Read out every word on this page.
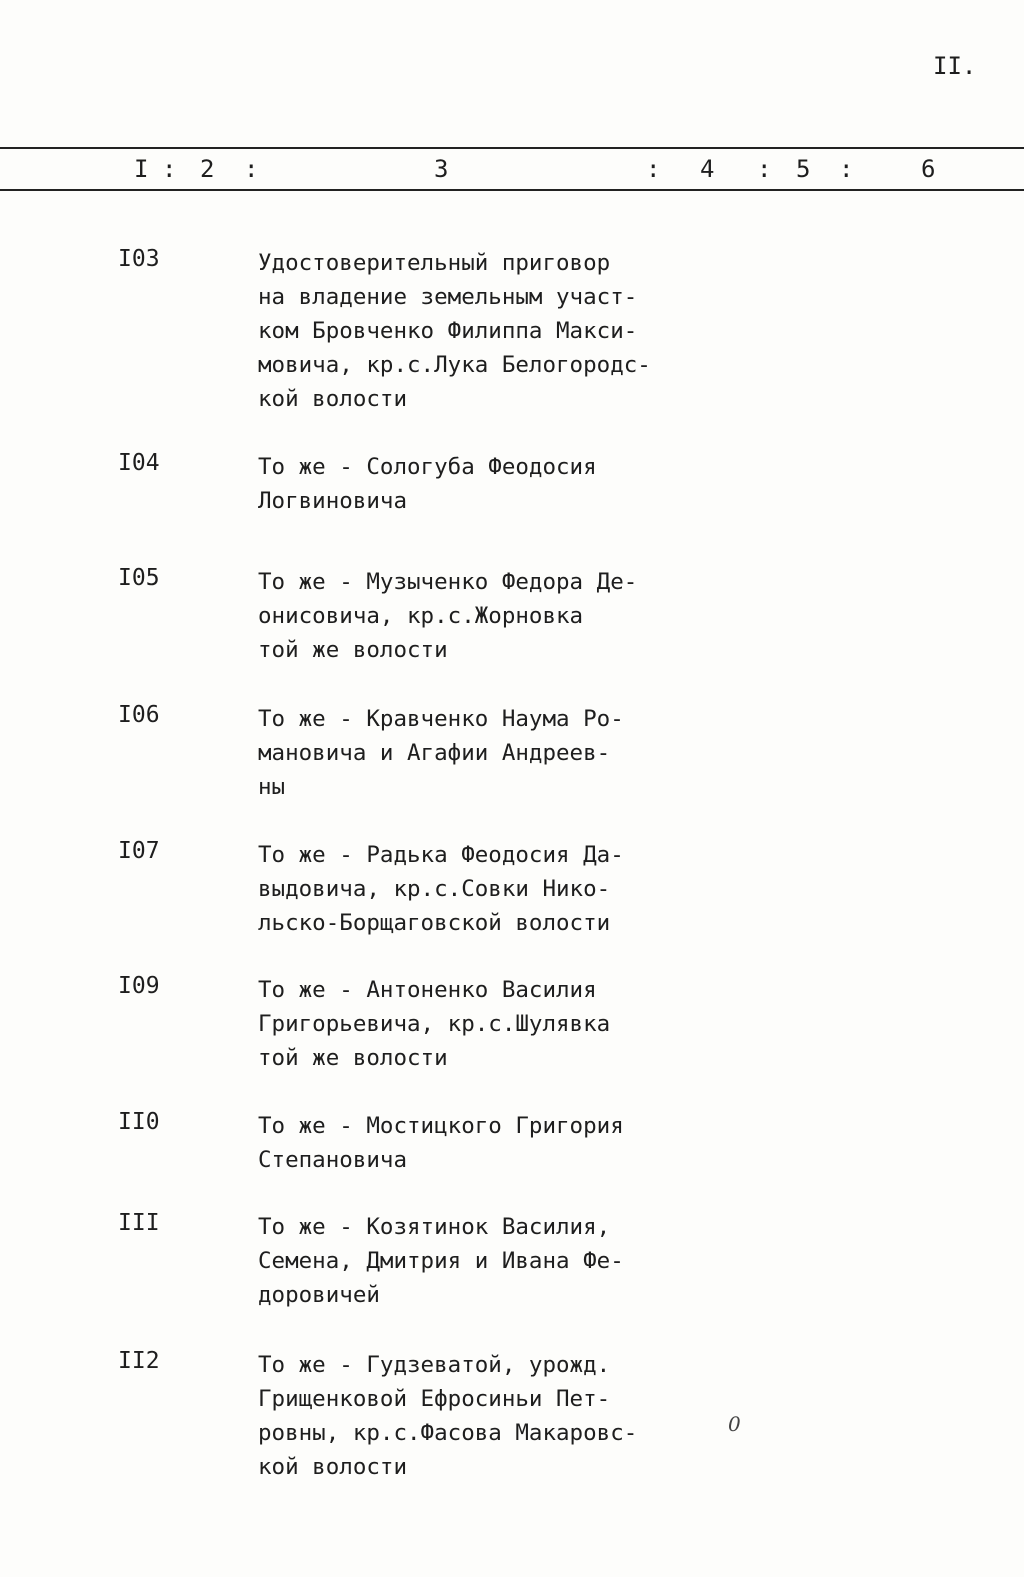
II.
I : 2 :	3	: 4 : 5 :	6
I03	Удостоверительный приговор
на владение земельным участ-
ком Бровченко Филиппа Макси-
мовича, кр.с.Лука Белогородс-
кой волости
I04	То же - Сологуба Феодосия
Логвиновича
I05	То же - Музыченко Федора Де-
онисовича, кр.с.Жорновка
той же волости
I06	То же - Кравченко Наума Ро-
мановича и Агафии Андреев-
ны
I07	То же - Радька Феодосия Да-
выдовича, кр.с.Совки Нико-
льско-Борщаговской волости
I09	То же - Антоненко Василия
Григорьевича, кр.с.Шулявка
той же волости
II0	То же - Мостицкого Григория
Степановича
III	То же - Козятинок Василия,
Семена, Дмитрия и Ивана Фе-
доровичей
II2	То же - Гудзеватой, урожд.
Грищенковой Ефросиньи Пет-
ровны, кр.с.Фасова Макаровс-
кой волости
0
